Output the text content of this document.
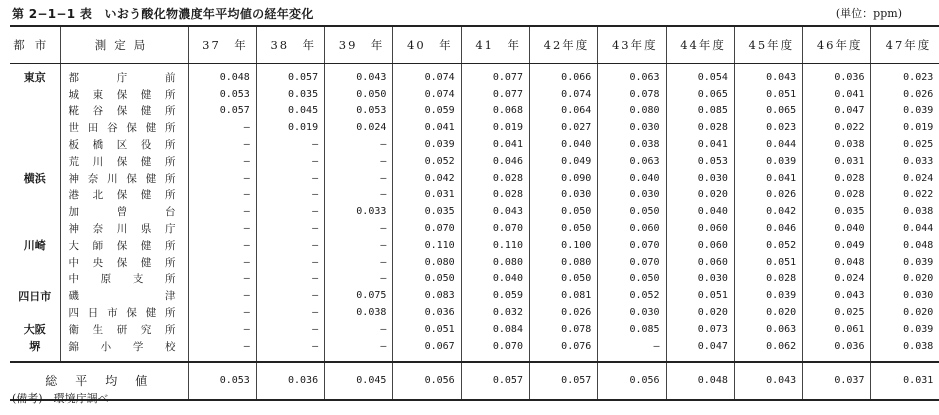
第 2−1−1 表　いおう酸化物濃度年平均値の経年変化	(単位：ppm)
都市	測定局	37　年	38　年	39　年	40　年	41　年	42年度	43年度	44年度	45年度	46年度	47年度
東京	都庁前	0.048	0.057	0.043	0.074	0.077	0.066	0.063	0.054	0.043	0.036	0.023
	城東保健所	0.053	0.035	0.050	0.074	0.077	0.074	0.078	0.065	0.051	0.041	0.026
	糀谷保健所	0.057	0.045	0.053	0.059	0.068	0.064	0.080	0.085	0.065	0.047	0.039
	世田谷保健所	—	0.019	0.024	0.041	0.019	0.027	0.030	0.028	0.023	0.022	0.019
	板橋区役所	—	—	—	0.039	0.041	0.040	0.038	0.041	0.044	0.038	0.025
	荒川保健所	—	—	—	0.052	0.046	0.049	0.063	0.053	0.039	0.031	0.033
横浜	神奈川保健所	—	—	—	0.042	0.028	0.090	0.040	0.030	0.041	0.028	0.024
	港北保健所	—	—	—	0.031	0.028	0.030	0.030	0.020	0.026	0.028	0.022
	加曾台	—	—	0.033	0.035	0.043	0.050	0.050	0.040	0.042	0.035	0.038
	神奈川県庁	—	—	—	0.070	0.070	0.050	0.060	0.060	0.046	0.040	0.044
川崎	大師保健所	—	—	—	0.110	0.110	0.100	0.070	0.060	0.052	0.049	0.048
	中央保健所	—	—	—	0.080	0.080	0.080	0.070	0.060	0.051	0.048	0.039
	中原支所	—	—	—	0.050	0.040	0.050	0.050	0.030	0.028	0.024	0.020
四日市	磯津	—	—	0.075	0.083	0.059	0.081	0.052	0.051	0.039	0.043	0.030
	四日市保健所	—	—	0.038	0.036	0.032	0.026	0.030	0.020	0.020	0.025	0.020
大阪	衛生研究所	—	—	—	0.051	0.084	0.078	0.085	0.073	0.063	0.061	0.039
堺	錦小学校	—	—	—	0.067	0.070	0.076	—	0.047	0.062	0.036	0.038
総平均値		0.053	0.036	0.045	0.056	0.057	0.057	0.056	0.048	0.043	0.037	0.031
(備考)　環境庁調べ
